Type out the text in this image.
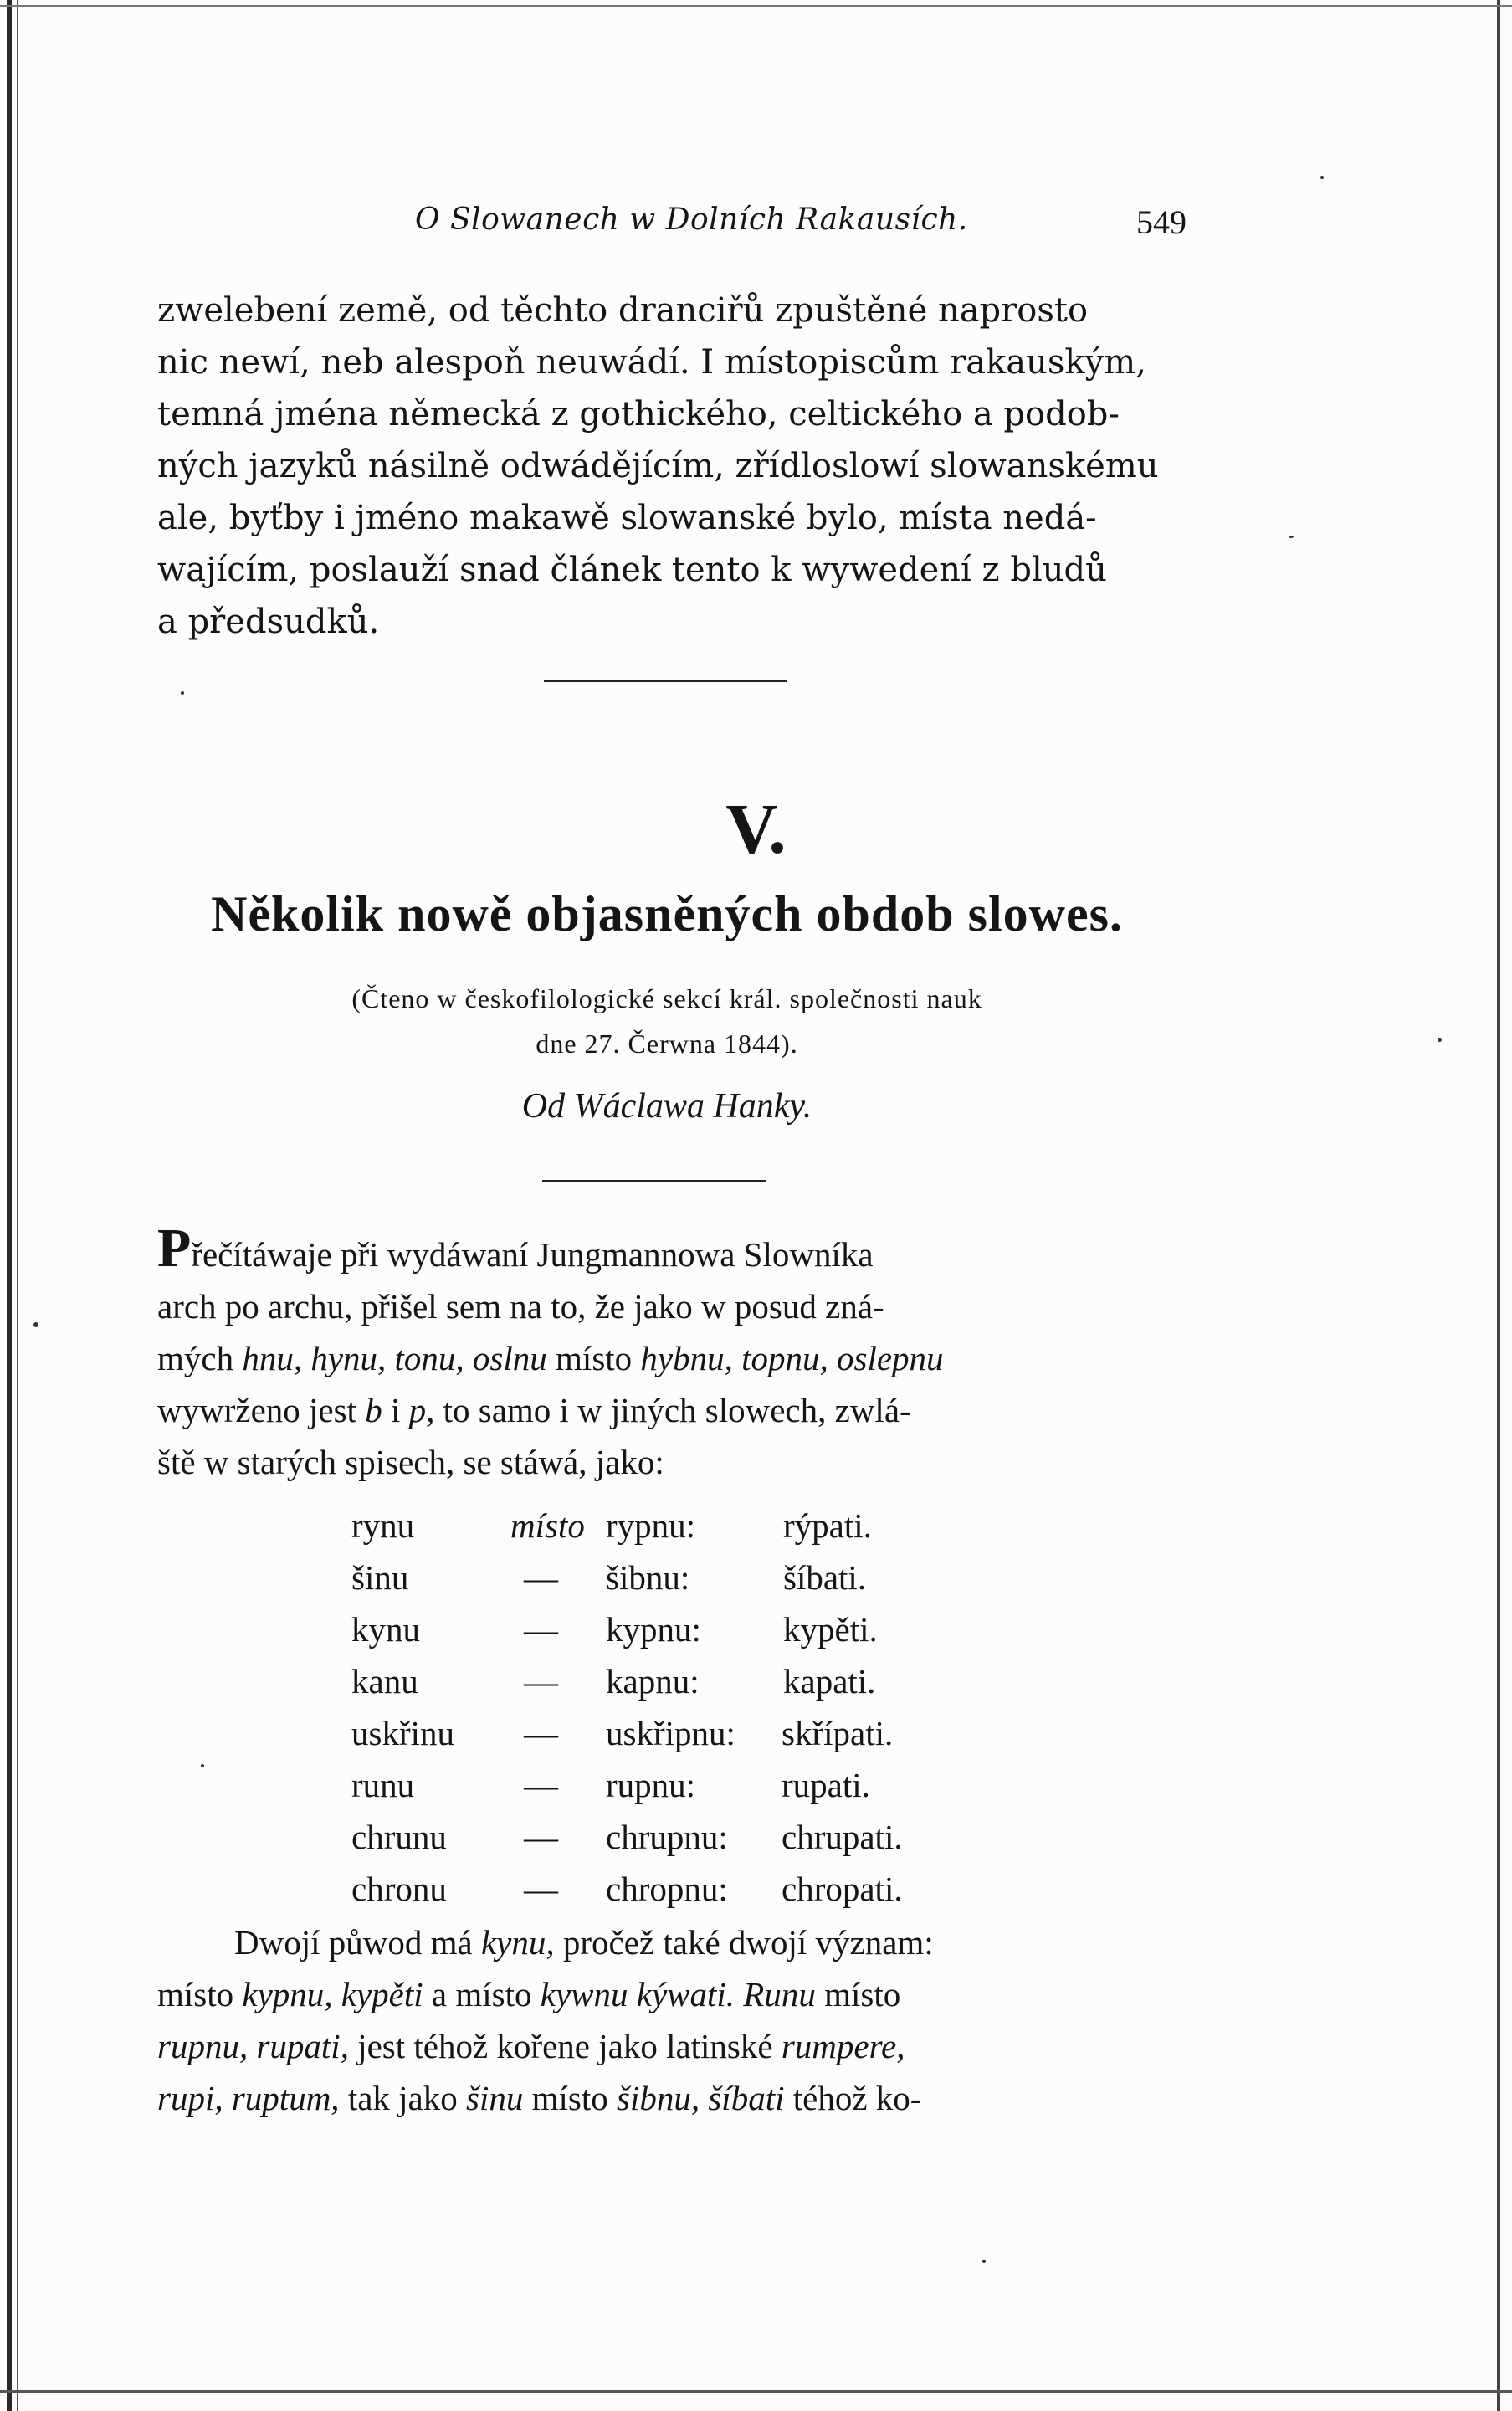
O Slowanech w Dolních Rakausích.	549

zwelebení země, od těchto dranciřů zpuštěné naprosto

nic newí, neb alespoň neuwádí. I místopiscům rakauským,

temná jména německá z gothického, celtického a podob-

ných jazyků násilně odwádějícím, zřídloslowí slowanskému

ale, byťby i jméno makawě slowanské bylo, místa nedá-

wajícím, poslauží snad článek tento k wywedení z bludů

a předsudků.

V.
Několik nowě objasněných obdob slowes.
(Čteno w českofilologické sekcí král. společnosti nauk
dne 27. Čerwna 1844).
Od Wáclawa Hanky.

Přečítáwaje při wydáwaní Jungmannowa Slowníka

arch po archu, přišel sem na to, že jako w posud zná-

mých hnu, hynu, tonu, oslnu místo hybnu, topnu, oslepnu

wywrženo jest b i p, to samo i w jiných slowech, zwlá-

ště w starých spisech, se stáwá, jako:

rynu	místo rypnu:	rýpati.
šinu	— šibnu:	šíbati.
kynu	— kypnu: kypěti.
kanu	— kapnu: kapati.
uskřinu — uskřipnu: skřípati.
runu	— rupnu:	rupati.
chrunu — chrupnu: chrupati.
chronu — chropnu: chropati.

Dwojí půwod má kynu, pročež také dwojí význam:

místo kypnu, kypěti a místo kywnu kýwati. Runu místo

rupnu, rupati, jest téhož kořene jako latinské rumpere,

rupi, ruptum, tak jako šinu místo šibnu, šíbati téhož ko-
